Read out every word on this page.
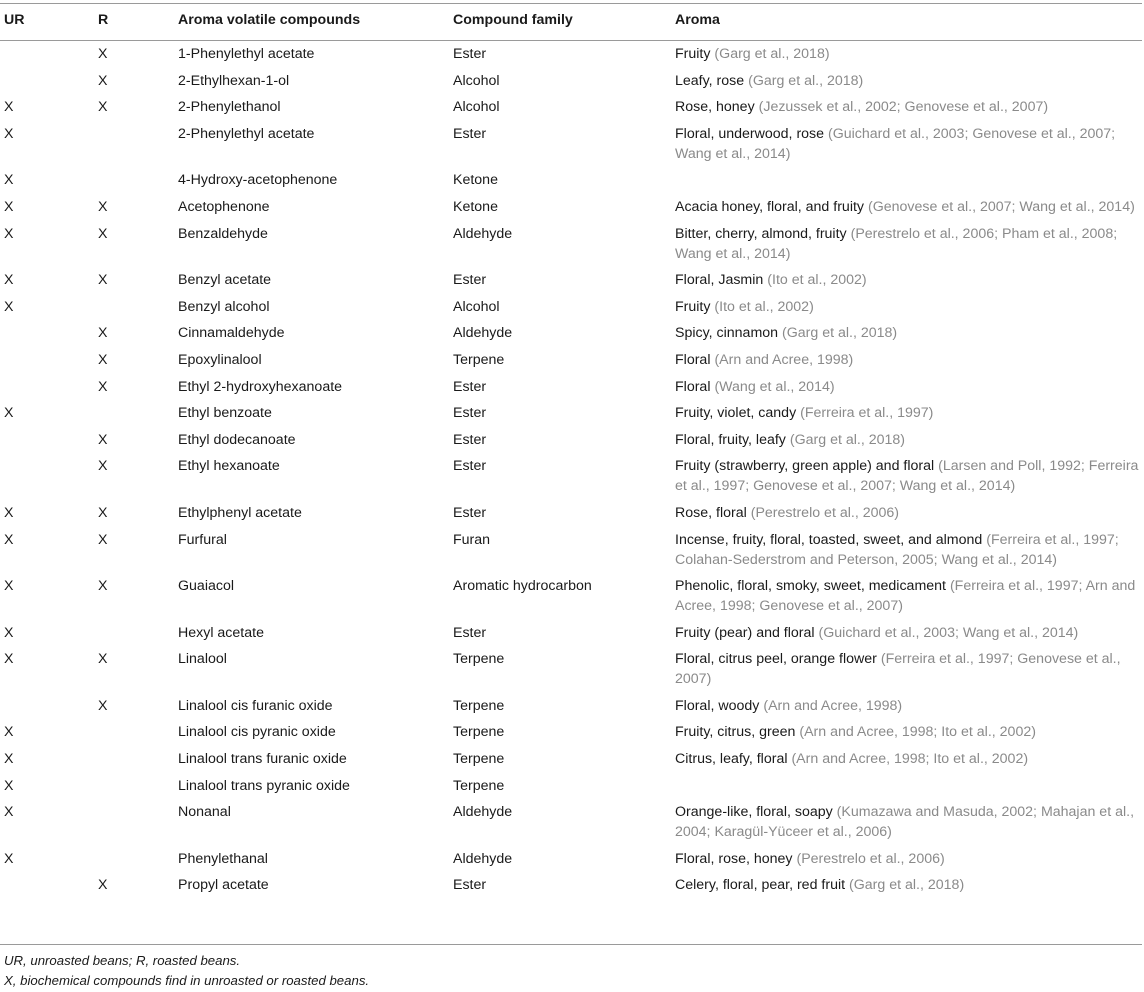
UR	R	Aroma volatile compounds	Compound family	Aroma
	X	1-Phenylethyl acetate	Ester	Fruity (Garg et al., 2018)
	X	2-Ethylhexan-1-ol	Alcohol	Leafy, rose (Garg et al., 2018)
X	X	2-Phenylethanol	Alcohol	Rose, honey (Jezussek et al., 2002; Genovese et al., 2007)
X		2-Phenylethyl acetate	Ester	Floral, underwood, rose (Guichard et al., 2003; Genovese et al., 2007; Wang et al., 2014)
X		4-Hydroxy-acetophenone	Ketone	
X	X	Acetophenone	Ketone	Acacia honey, floral, and fruity (Genovese et al., 2007; Wang et al., 2014)
X	X	Benzaldehyde	Aldehyde	Bitter, cherry, almond, fruity (Perestrelo et al., 2006; Pham et al., 2008; Wang et al., 2014)
X	X	Benzyl acetate	Ester	Floral, Jasmin (Ito et al., 2002)
X		Benzyl alcohol	Alcohol	Fruity (Ito et al., 2002)
	X	Cinnamaldehyde	Aldehyde	Spicy, cinnamon (Garg et al., 2018)
	X	Epoxylinalool	Terpene	Floral (Arn and Acree, 1998)
	X	Ethyl 2-hydroxyhexanoate	Ester	Floral (Wang et al., 2014)
X		Ethyl benzoate	Ester	Fruity, violet, candy (Ferreira et al., 1997)
	X	Ethyl dodecanoate	Ester	Floral, fruity, leafy (Garg et al., 2018)
	X	Ethyl hexanoate	Ester	Fruity (strawberry, green apple) and floral (Larsen and Poll, 1992; Ferreira et al., 1997; Genovese et al., 2007; Wang et al., 2014)
X	X	Ethylphenyl acetate	Ester	Rose, floral (Perestrelo et al., 2006)
X	X	Furfural	Furan	Incense, fruity, floral, toasted, sweet, and almond (Ferreira et al., 1997; Colahan-Sederstrom and Peterson, 2005; Wang et al., 2014)
X	X	Guaiacol	Aromatic hydrocarbon	Phenolic, floral, smoky, sweet, medicament (Ferreira et al., 1997; Arn and Acree, 1998; Genovese et al., 2007)
X		Hexyl acetate	Ester	Fruity (pear) and floral (Guichard et al., 2003; Wang et al., 2014)
X	X	Linalool	Terpene	Floral, citrus peel, orange flower (Ferreira et al., 1997; Genovese et al., 2007)
	X	Linalool cis furanic oxide	Terpene	Floral, woody (Arn and Acree, 1998)
X		Linalool cis pyranic oxide	Terpene	Fruity, citrus, green (Arn and Acree, 1998; Ito et al., 2002)
X		Linalool trans furanic oxide	Terpene	Citrus, leafy, floral (Arn and Acree, 1998; Ito et al., 2002)
X		Linalool trans pyranic oxide	Terpene	
X		Nonanal	Aldehyde	Orange-like, floral, soapy (Kumazawa and Masuda, 2002; Mahajan et al., 2004; Karagül-Yüceer et al., 2006)
X		Phenylethanal	Aldehyde	Floral, rose, honey (Perestrelo et al., 2006)
	X	Propyl acetate	Ester	Celery, floral, pear, red fruit (Garg et al., 2018)
UR, unroasted beans; R, roasted beans.
X, biochemical compounds find in unroasted or roasted beans.
